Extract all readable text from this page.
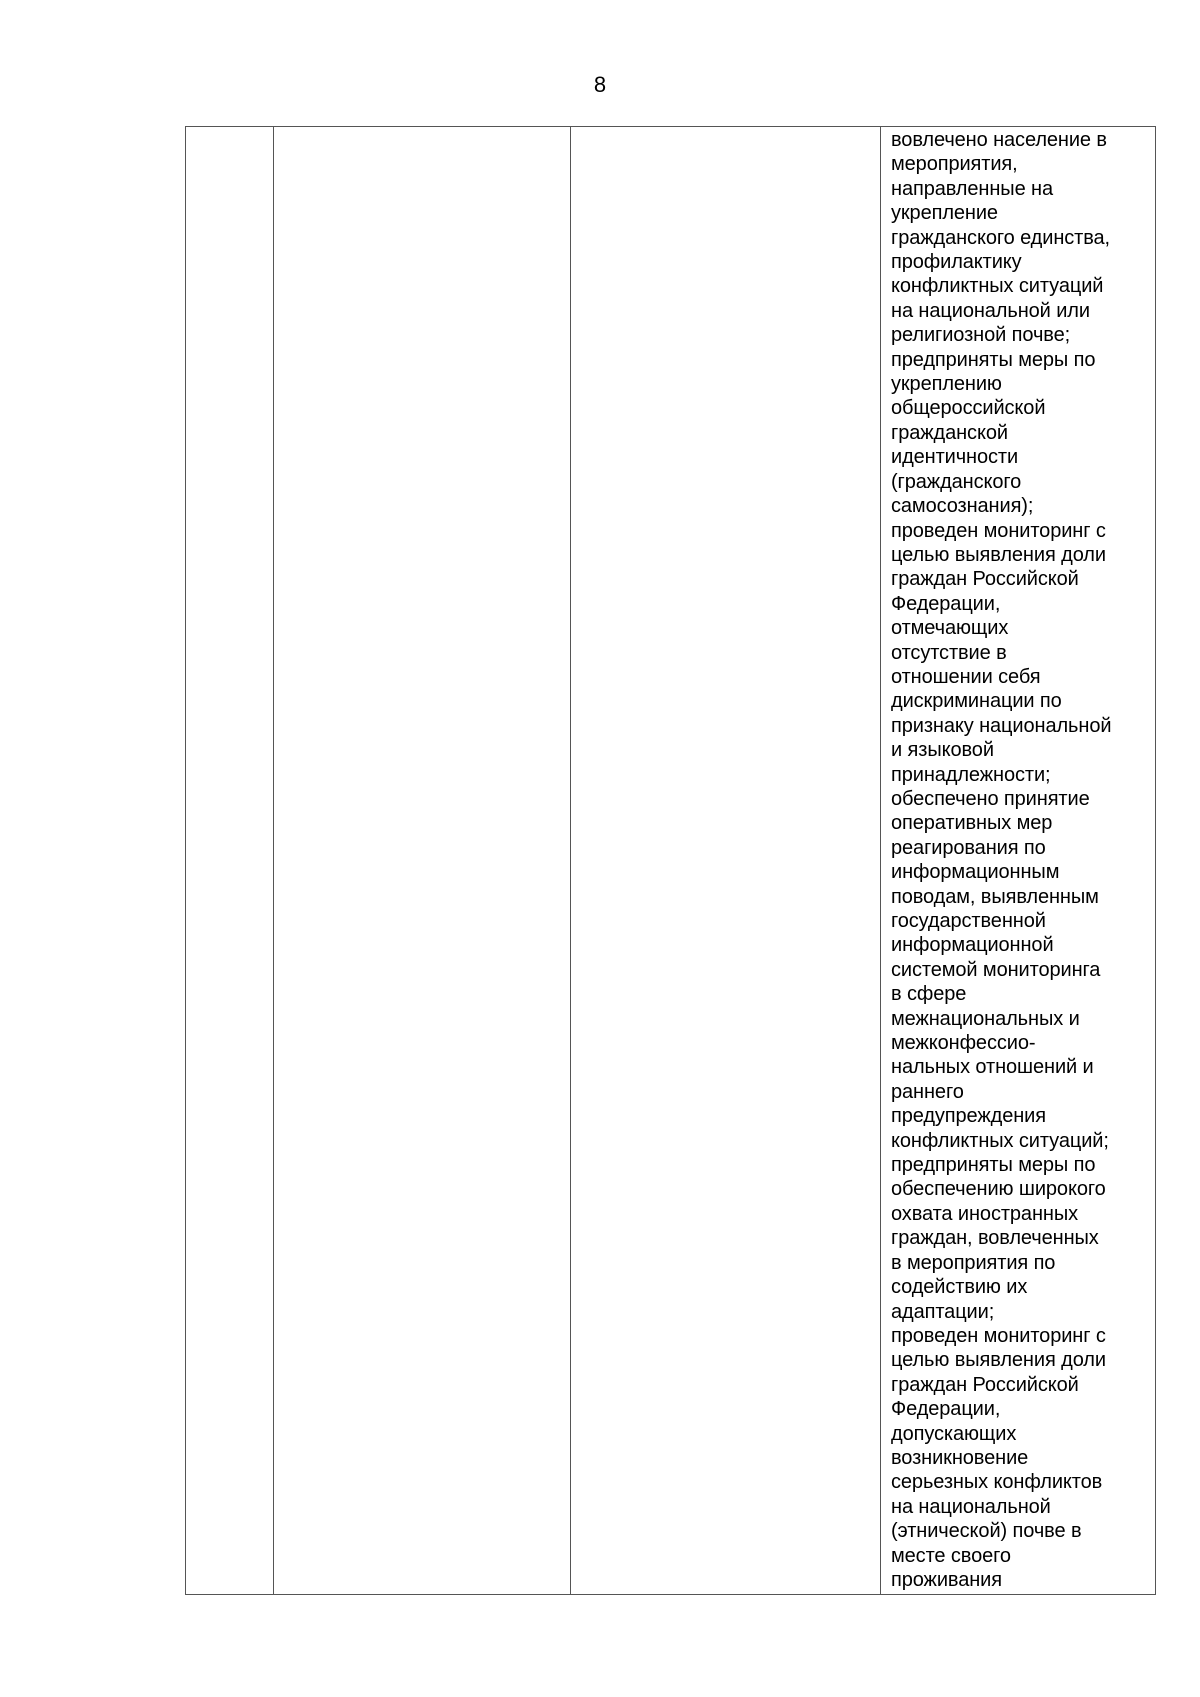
8

вовлечено население в
мероприятия,
направленные на
укрепление
гражданского единства,
профилактику
конфликтных ситуаций
на национальной или
религиозной почве;
предприняты меры по
укреплению
общероссийской
гражданской
идентичности
(гражданского
самосознания);
проведен мониторинг с
целью выявления доли
граждан Российской
Федерации,
отмечающих
отсутствие в
отношении себя
дискриминации по
признаку национальной
и языковой
принадлежности;
обеспечено принятие
оперативных мер
реагирования по
информационным
поводам, выявленным
государственной
информационной
системой мониторинга
в сфере
межнациональных и
межконфессио-
нальных отношений и
раннего
предупреждения
конфликтных ситуаций;
предприняты меры по
обеспечению широкого
охвата иностранных
граждан, вовлеченных
в мероприятия по
содействию их
адаптации;
проведен мониторинг с
целью выявления доли
граждан Российской
Федерации,
допускающих
возникновение
серьезных конфликтов
на национальной
(этнической) почве в
месте своего
проживания
